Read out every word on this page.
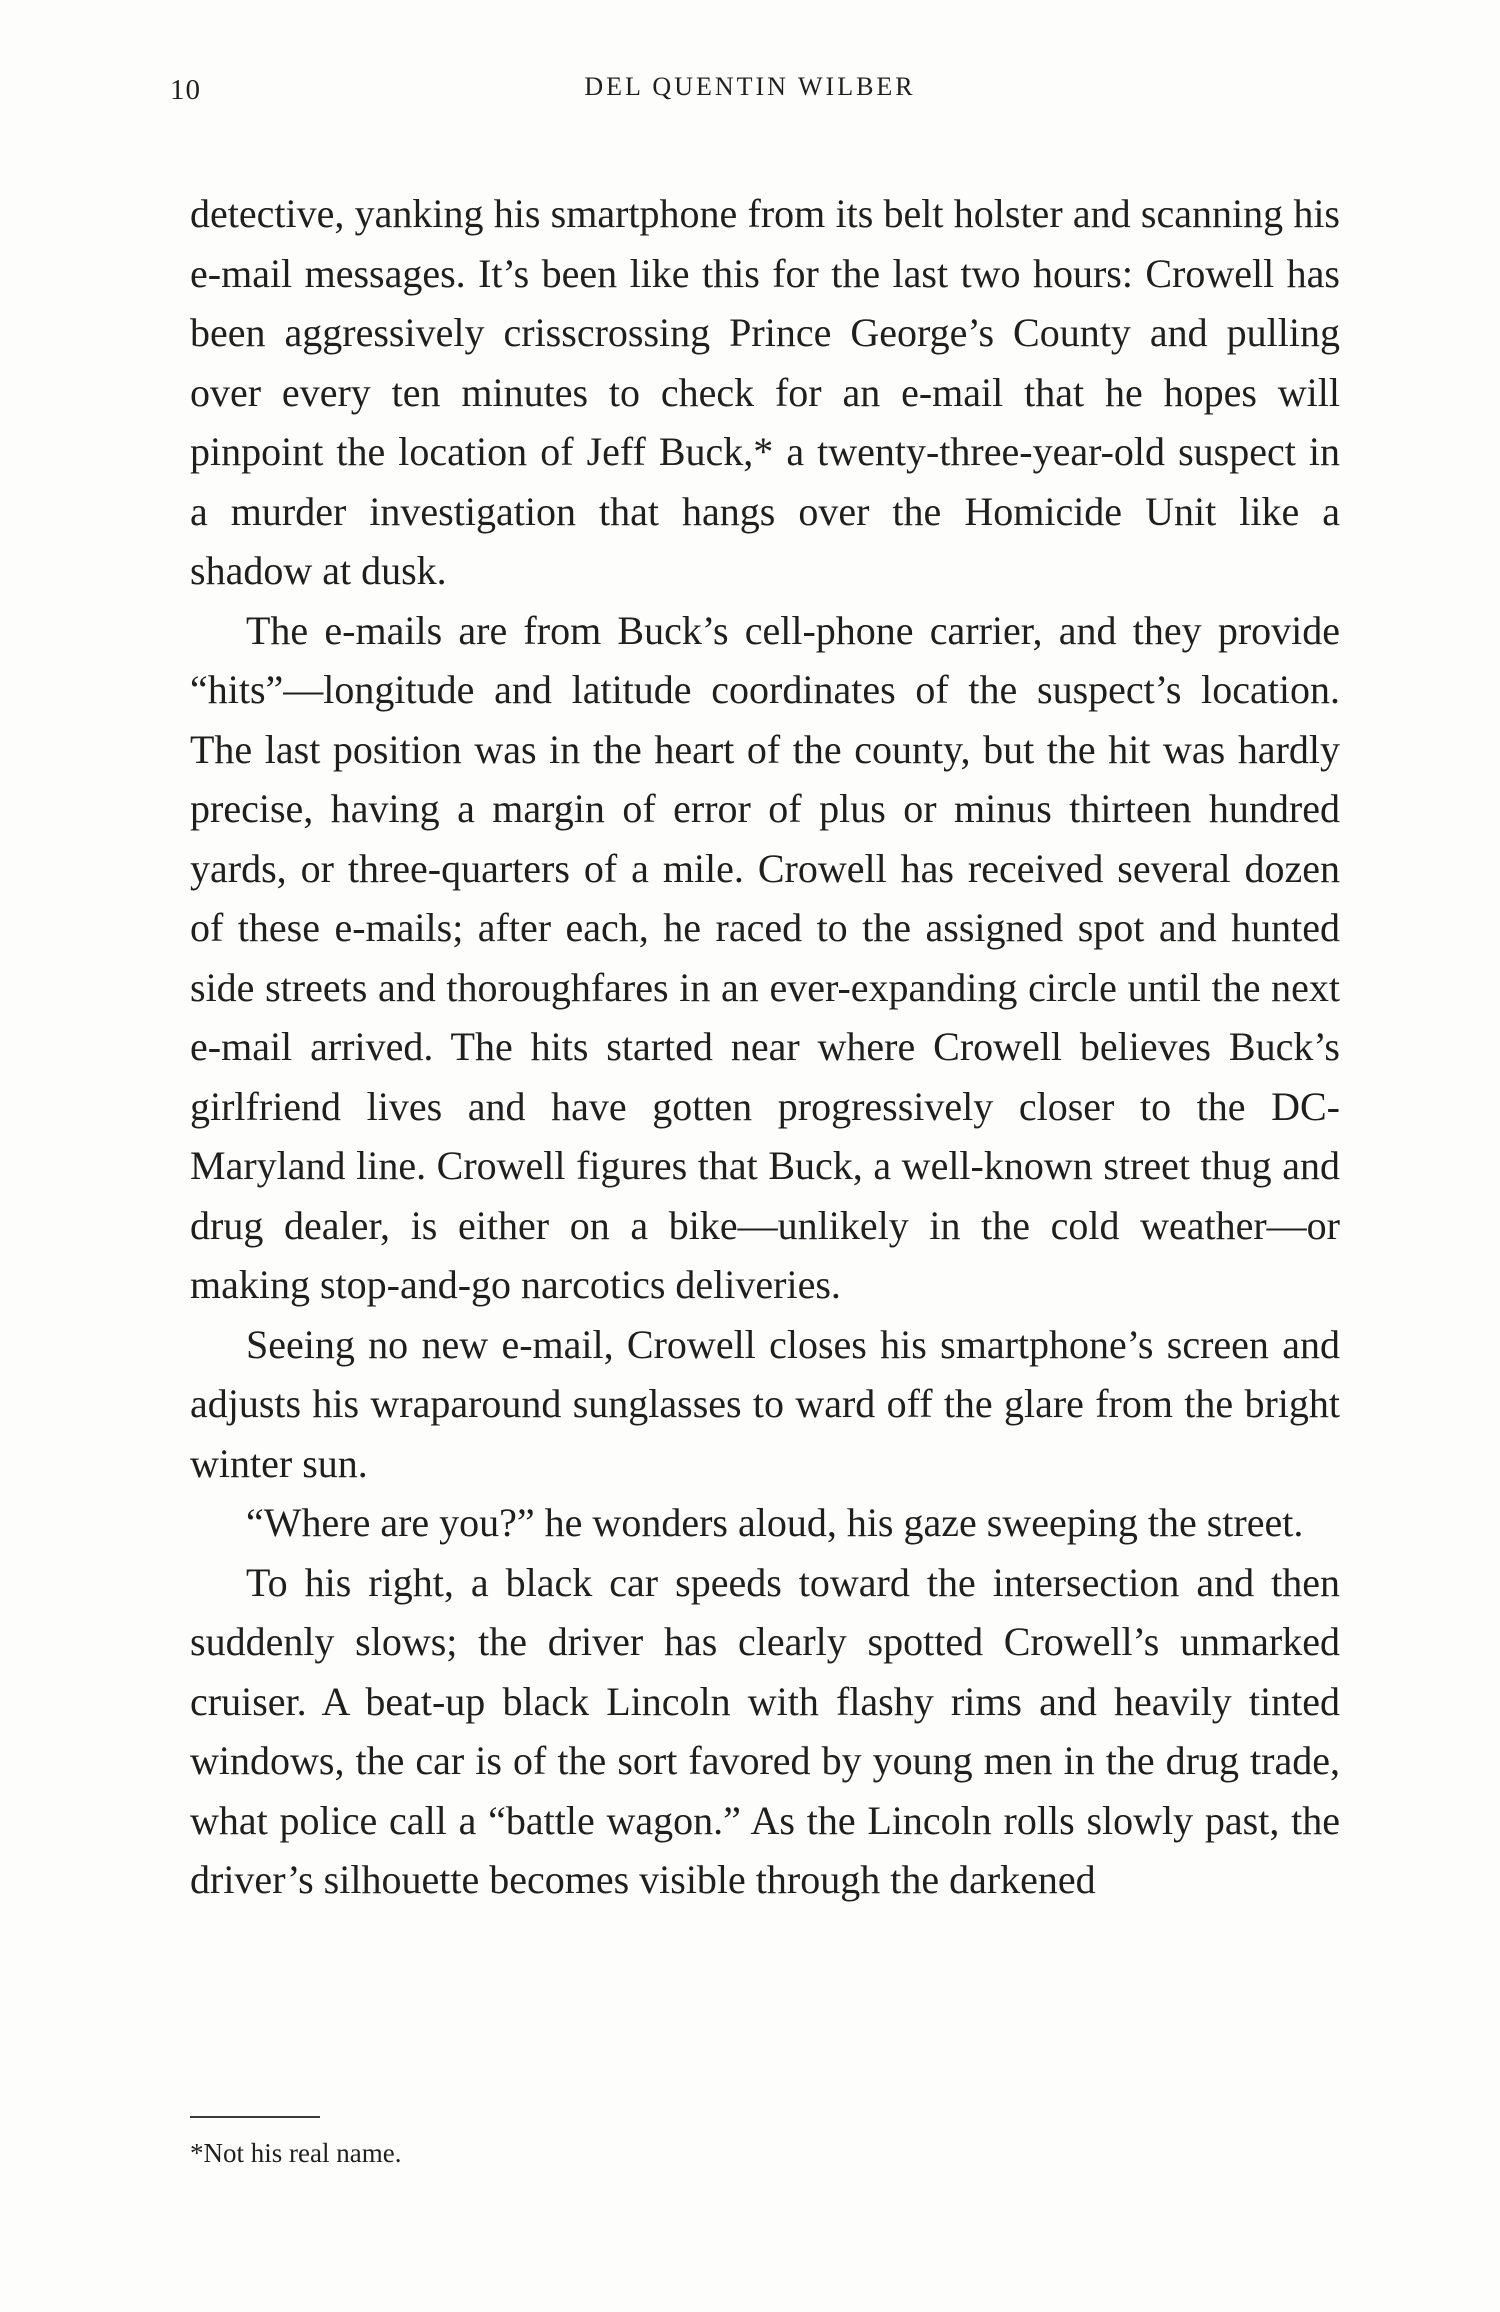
10	DEL QUENTIN WILBER

detective, yanking his smartphone from its belt holster and scanning his e-mail messages. It’s been like this for the last two hours: Crowell has been aggressively crisscrossing Prince George’s County and pulling over every ten minutes to check for an e-mail that he hopes will pinpoint the location of Jeff Buck,* a twenty-three-year-old suspect in a murder investigation that hangs over the Homicide Unit like a shadow at dusk.

The e-mails are from Buck’s cell-phone carrier, and they provide “hits”—longitude and latitude coordinates of the suspect’s location. The last position was in the heart of the county, but the hit was hardly precise, having a margin of error of plus or minus thirteen hundred yards, or three-quarters of a mile. Crowell has received several dozen of these e-mails; after each, he raced to the assigned spot and hunted side streets and thoroughfares in an ever-expanding circle until the next e-mail arrived. The hits started near where Crowell believes Buck’s girlfriend lives and have gotten progressively closer to the DC-Maryland line. Crowell figures that Buck, a well-known street thug and drug dealer, is either on a bike—unlikely in the cold weather—or making stop-and-go narcotics deliveries.

Seeing no new e-mail, Crowell closes his smartphone’s screen and adjusts his wraparound sunglasses to ward off the glare from the bright winter sun.

“Where are you?” he wonders aloud, his gaze sweeping the street.

To his right, a black car speeds toward the intersection and then suddenly slows; the driver has clearly spotted Crowell’s unmarked cruiser. A beat-up black Lincoln with flashy rims and heavily tinted windows, the car is of the sort favored by young men in the drug trade, what police call a “battle wagon.” As the Lincoln rolls slowly past, the driver’s silhouette becomes visible through the darkened

*Not his real name.
